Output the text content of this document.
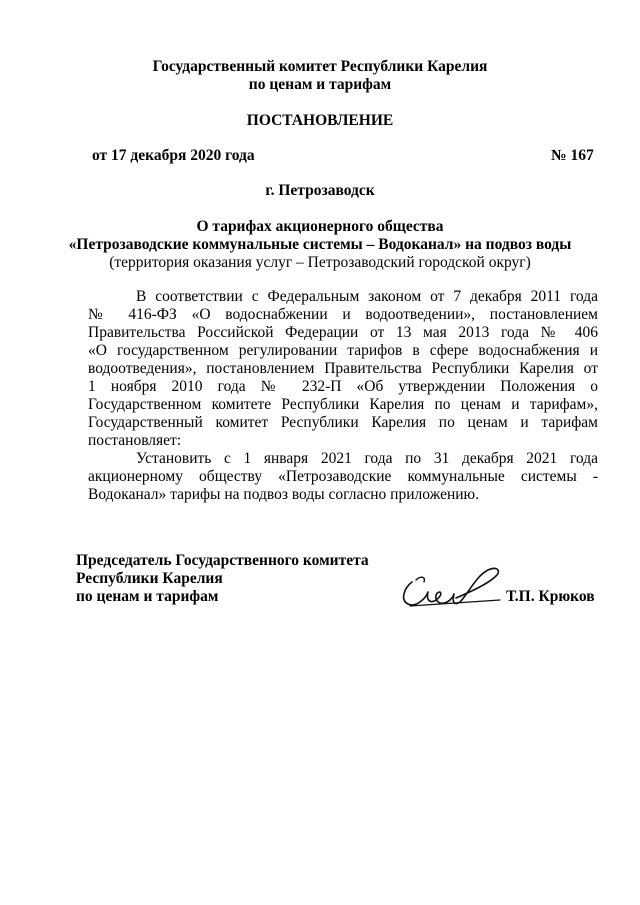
Государственный комитет Республики Карелия
по ценам и тарифам
ПОСТАНОВЛЕНИЕ
от 17 декабря 2020 года	№ 167
г. Петрозаводск
О тарифах акционерного общества
«Петрозаводские коммунальные системы – Водоканал» на подвоз воды
(территория оказания услуг – Петрозаводский городской округ)
В соответствии с Федеральным законом от 7 декабря 2011 года
№ 416-ФЗ «О водоснабжении и водоотведении», постановлением
Правительства Российской Федерации от 13 мая 2013 года № 406
«О государственном регулировании тарифов в сфере водоснабжения и
водоотведения», постановлением Правительства Республики Карелия от
1 ноября 2010 года № 232-П «Об утверждении Положения о
Государственном комитете Республики Карелия по ценам и тарифам»,
Государственный комитет Республики Карелия по ценам и тарифам
постановляет:
Установить с 1 января 2021 года по 31 декабря 2021 года
акционерному обществу «Петрозаводские коммунальные системы -
Водоканал» тарифы на подвоз воды согласно приложению.
Председатель Государственного комитета
Республики Карелия
по ценам и тарифам	Т.П. Крюков
